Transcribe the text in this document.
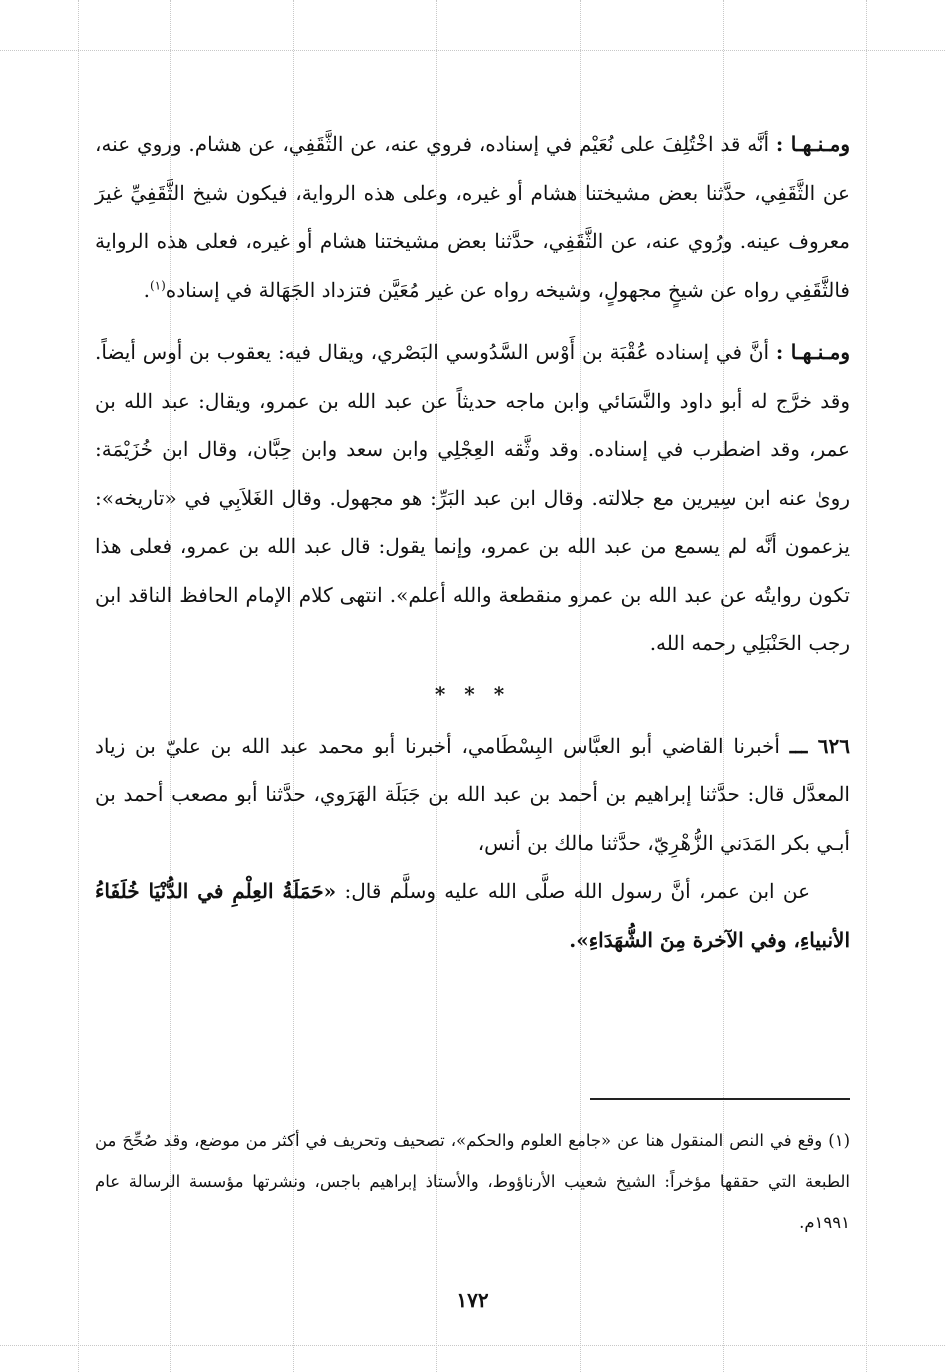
ومـنـهـا : أنَّه قد اخْتُلِفَ على نُعَيْم في إسناده، فروي عنه، عن الثَّقَفِي، عن هشام. وروي عنه، عن الثَّقَفِي، حدَّثنا بعض مشيختنا هشام أو غيره، وعلى هذه الرواية، فيكون شيخ الثَّقَفِيِّ غيرَ معروف عينه. ورُوي عنه، عن الثَّقَفِي، حدَّثنا بعض مشيختنا هشام أو غيره، فعلى هذه الرواية فالثَّقَفِي رواه عن شيخٍ مجهولٍ، وشيخه رواه عن غير مُعَيَّن فتزداد الجَهَالة في إسناده$^{(١)}$.

ومـنـهـا : أنَّ في إسناده عُقْبَة بن أَوْس السَّدُوسي البَصْري، ويقال فيه: يعقوب بن أوس أيضاً. وقد خرَّج له أبو داود والنَّسَائي وابن ماجه حديثاً عن عبد الله بن عمرو، ويقال: عبد الله بن عمر، وقد اضطرب في إسناده. وقد وثَّقه العِجْلِي وابن سعد وابن حِبَّان، وقال ابن خُزَيْمَة: روىٰ عنه ابن سِيرين مع جلالته. وقال ابن عبد البَرِّ: هو مجهول. وقال الغَلاَبِي في «تاريخه»: يزعمون أنَّه لم يسمع من عبد الله بن عمرو، وإنما يقول: قال عبد الله بن عمرو، فعلى هذا تكون روايتُه عن عبد الله بن عمرو منقطعة والله أعلم». انتهى كلام الإمام الحافظ الناقد ابن رجب الحَنْبَلِي رحمه الله.

* * *

٦٢٦ ـــ أخبرنا القاضي أبو العبَّاس البِسْطَامي، أخبرنا أبو محمد عبد الله بن عليّ بن زياد المعدَّل قال: حدَّثنا إبراهيم بن أحمد بن عبد الله بن جَبَلَة الهَرَوي، حدَّثنا أبو مصعب أحمد بن أبـي بكر المَدَني الزُّهْرِيّ، حدَّثنا مالك بن أنس،

عن ابن عمر، أنَّ رسول الله صلَّى الله عليه وسلَّم قال: «حَمَلَةُ العِلْمِ في الدُّنْيَا خُلَفَاءُ الأنبياءِ، وفي الآخرة مِنَ الشُّهَدَاءِ».

(١) وقع في النص المنقول هنا عن «جامع العلوم والحكم»، تصحيف وتحريف في أكثر من موضع، وقد صُحِّحَ من الطبعة التي حققها مؤخراً: الشيخ شعيب الأرناؤوط، والأستاذ إبراهيم باجس، ونشرتها مؤسسة الرسالة عام ١٩٩١م.

١٧٢
